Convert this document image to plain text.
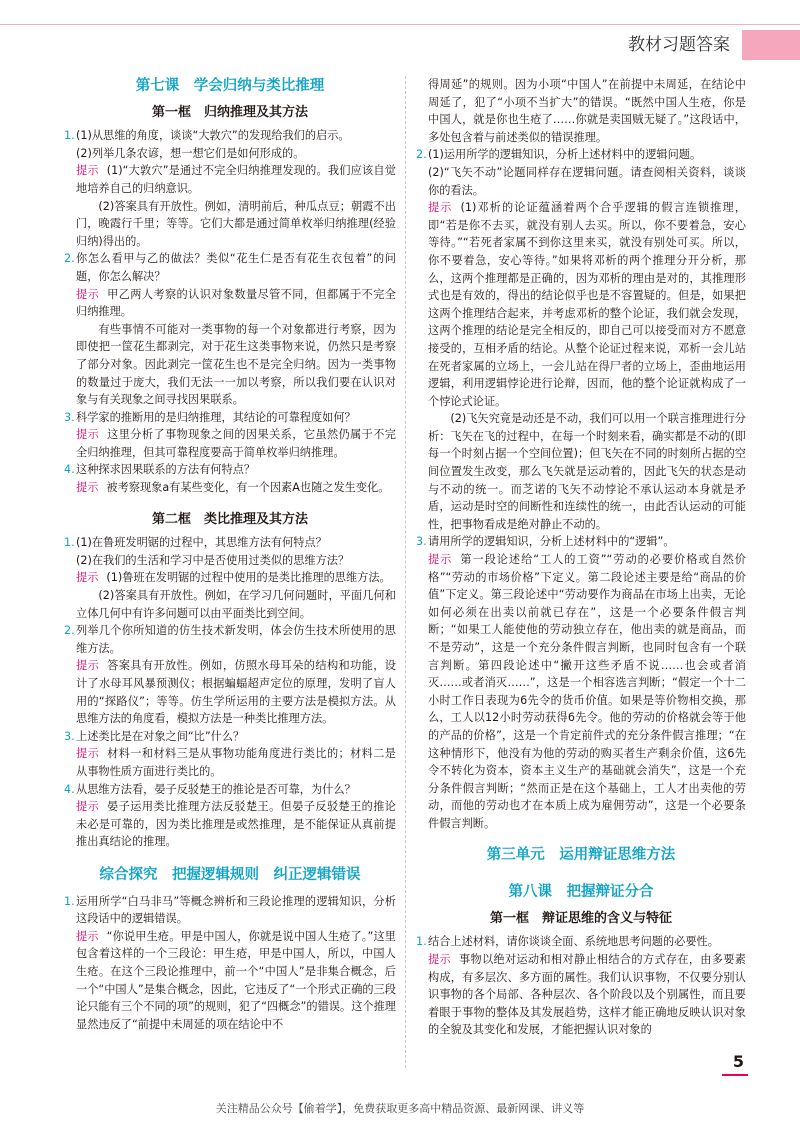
教材习题答案
第七课　学会归纳与类比推理
第一框　归纳推理及其方法
1. (1)从思维的角度，谈谈“大敦穴”的发现给我们的启示。

(2)列举几条农谚，想一想它们是如何形成的。

提示 (1)“大敦穴”是通过不完全归纳推理发现的。我们应该自觉地培养自己的归纳意识。

(2)答案具有开放性。例如，清明前后，种瓜点豆；朝霞不出门，晚霞行千里；等等。它们大都是通过简单枚举归纳推理(经验归纳)得出的。

2. 你怎么看甲与乙的做法？类似“花生仁是否有花生衣包着”的问题，你怎么解决？

提示 甲乙两人考察的认识对象数量尽管不同，但都属于不完全归纳推理。

有些事情不可能对一类事物的每一个对象都进行考察，因为即使把一筐花生都剥完，对于花生这类事物来说，仍然只是考察了部分对象。因此剥完一筐花生也不是完全归纳。因为一类事物的数量过于庞大，我们无法一一加以考察，所以我们要在认识对象与有关现象之间寻找因果联系。

3. 科学家的推断用的是归纳推理，其结论的可靠程度如何？

提示 这里分析了事物现象之间的因果关系，它虽然仍属于不完全归纳推理，但其可靠程度要高于简单枚举归纳推理。

4. 这种探求因果联系的方法有何特点？

提示 被考察现象a有某些变化，有一个因素A也随之发生变化。

第二框　类比推理及其方法
1. (1)在鲁班发明锯的过程中，其思维方法有何特点？

(2)在我们的生活和学习中是否使用过类似的思维方法？

提示 (1)鲁班在发明锯的过程中使用的是类比推理的思维方法。

(2)答案具有开放性。例如，在学习几何问题时，平面几何和立体几何中有许多问题可以由平面类比到空间。

2. 列举几个你所知道的仿生技术新发明，体会仿生技术所使用的思维方法。

提示 答案具有开放性。例如，仿照水母耳朵的结构和功能，设计了水母耳风暴预测仪；根据蝙蝠超声定位的原理，发明了盲人用的“探路仪”；等等。仿生学所运用的主要方法是模拟方法。从思维方法的角度看，模拟方法是一种类比推理方法。

3. 上述类比是在对象之间“比”什么？

提示 材料一和材料三是从事物功能角度进行类比的；材料二是从事物性质方面进行类比的。

4. 从思维方法看，晏子反驳楚王的推论是否可靠，为什么？

提示 晏子运用类比推理方法反驳楚王。但晏子反驳楚王的推论未必是可靠的，因为类比推理是或然推理，是不能保证从真前提推出真结论的推理。

综合探究　把握逻辑规则　纠正逻辑错误
1. 运用所学“白马非马”等概念辨析和三段论推理的逻辑知识，分析这段话中的逻辑错误。

提示 “你说甲生疮。甲是中国人，你就是说中国人生疮了。”这里包含着这样的一个三段论：甲生疮，甲是中国人，所以，中国人生疮。在这个三段论推理中，前一个“中国人”是非集合概念，后一个“中国人”是集合概念，因此，它违反了“一个形式正确的三段论只能有三个不同的项”的规则，犯了“四概念”的错误。这个推理显然违反了“前提中未周延的项在结论中不

得周延”的规则。因为小项“中国人”在前提中未周延，在结论中周延了，犯了“小项不当扩大”的错误。“既然中国人生疮，你是中国人，就是你也生疮了……你就是卖国贼无疑了。”这段话中，多处包含着与前述类似的错误推理。

2. (1)运用所学的逻辑知识，分析上述材料中的逻辑问题。

(2)“飞矢不动”论题同样存在逻辑问题。请查阅相关资料，谈谈你的看法。

提示 (1)邓析的论证蕴涵着两个合乎逻辑的假言连锁推理，即“若是你不去买，就没有别人去买。所以，你不要着急，安心等待。”“若死者家属不到你这里来买，就没有别处可买。所以，你不要着急，安心等待。”如果将邓析的两个推理分开分析，那么，这两个推理都是正确的，因为邓析的理由是对的，其推理形式也是有效的，得出的结论似乎也是不容置疑的。但是，如果把这两个推理结合起来，并考虑邓析的整个论证，我们就会发现，这两个推理的结论是完全相反的，即自己可以接受而对方不愿意接受的，互相矛盾的结论。从整个论证过程来说，邓析一会儿站在死者家属的立场上，一会儿站在得尸者的立场上，歪曲地运用逻辑，利用逻辑悖论进行论辩，因而，他的整个论证就构成了一个悖论式论证。

(2)飞矢究竟是动还是不动，我们可以用一个联言推理进行分析：飞矢在飞的过程中，在每一个时刻来看，确实都是不动的(即每一个时刻占据一个空间位置)；但飞矢在不同的时刻所占据的空间位置发生改变，那么飞矢就是运动着的，因此飞矢的状态是动与不动的统一。而芝诺的飞矢不动悖论不承认运动本身就是矛盾，运动是时空的间断性和连续性的统一，由此否认运动的可能性，把事物看成是绝对静止不动的。

3. 请用所学的逻辑知识，分析上述材料中的“逻辑”。

提示 第一段论述给“工人的工资”“劳动的必要价格或自然价格”“劳动的市场价格”下定义。第二段论述主要是给“商品的价值”下定义。第三段论述中“劳动要作为商品在市场上出卖，无论如何必须在出卖以前就已存在”，这是一个必要条件假言判断；“如果工人能使他的劳动独立存在，他出卖的就是商品，而不是劳动”，这是一个充分条件假言判断，也同时包含有一个联言判断。第四段论述中“撇开这些矛盾不说……也会或者消灭……或者消灭……”，这是一个相容选言判断；“假定一个十二小时工作日表现为6先令的货币价值。如果是等价物相交换，那么，工人以12小时劳动获得6先令。他的劳动的价格就会等于他的产品的价格”，这是一个肯定前件式的充分条件假言推理；“在这种情形下，他没有为他的劳动的购买者生产剩余价值，这6先令不转化为资本，资本主义生产的基础就会消失”，这是一个充分条件假言判断；“然而正是在这个基础上，工人才出卖他的劳动，而他的劳动也才在本质上成为雇佣劳动”，这是一个必要条件假言判断。

第三单元　运用辩证思维方法
第八课　把握辩证分合
第一框　辩证思维的含义与特征
1. 结合上述材料，请你谈谈全面、系统地思考问题的必要性。

提示 事物以绝对运动和相对静止相结合的方式存在，由多要素构成，有多层次、多方面的属性。我们认识事物，不仅要分别认识事物的各个局部、各种层次、各个阶段以及个别属性，而且要着眼于事物的整体及其发展趋势，这样才能正确地反映认识对象的全貌及其变化和发展，才能把握认识对象的

5
关注精品公众号【偷着学】，免费获取更多高中精品资源、最新网课、讲义等
